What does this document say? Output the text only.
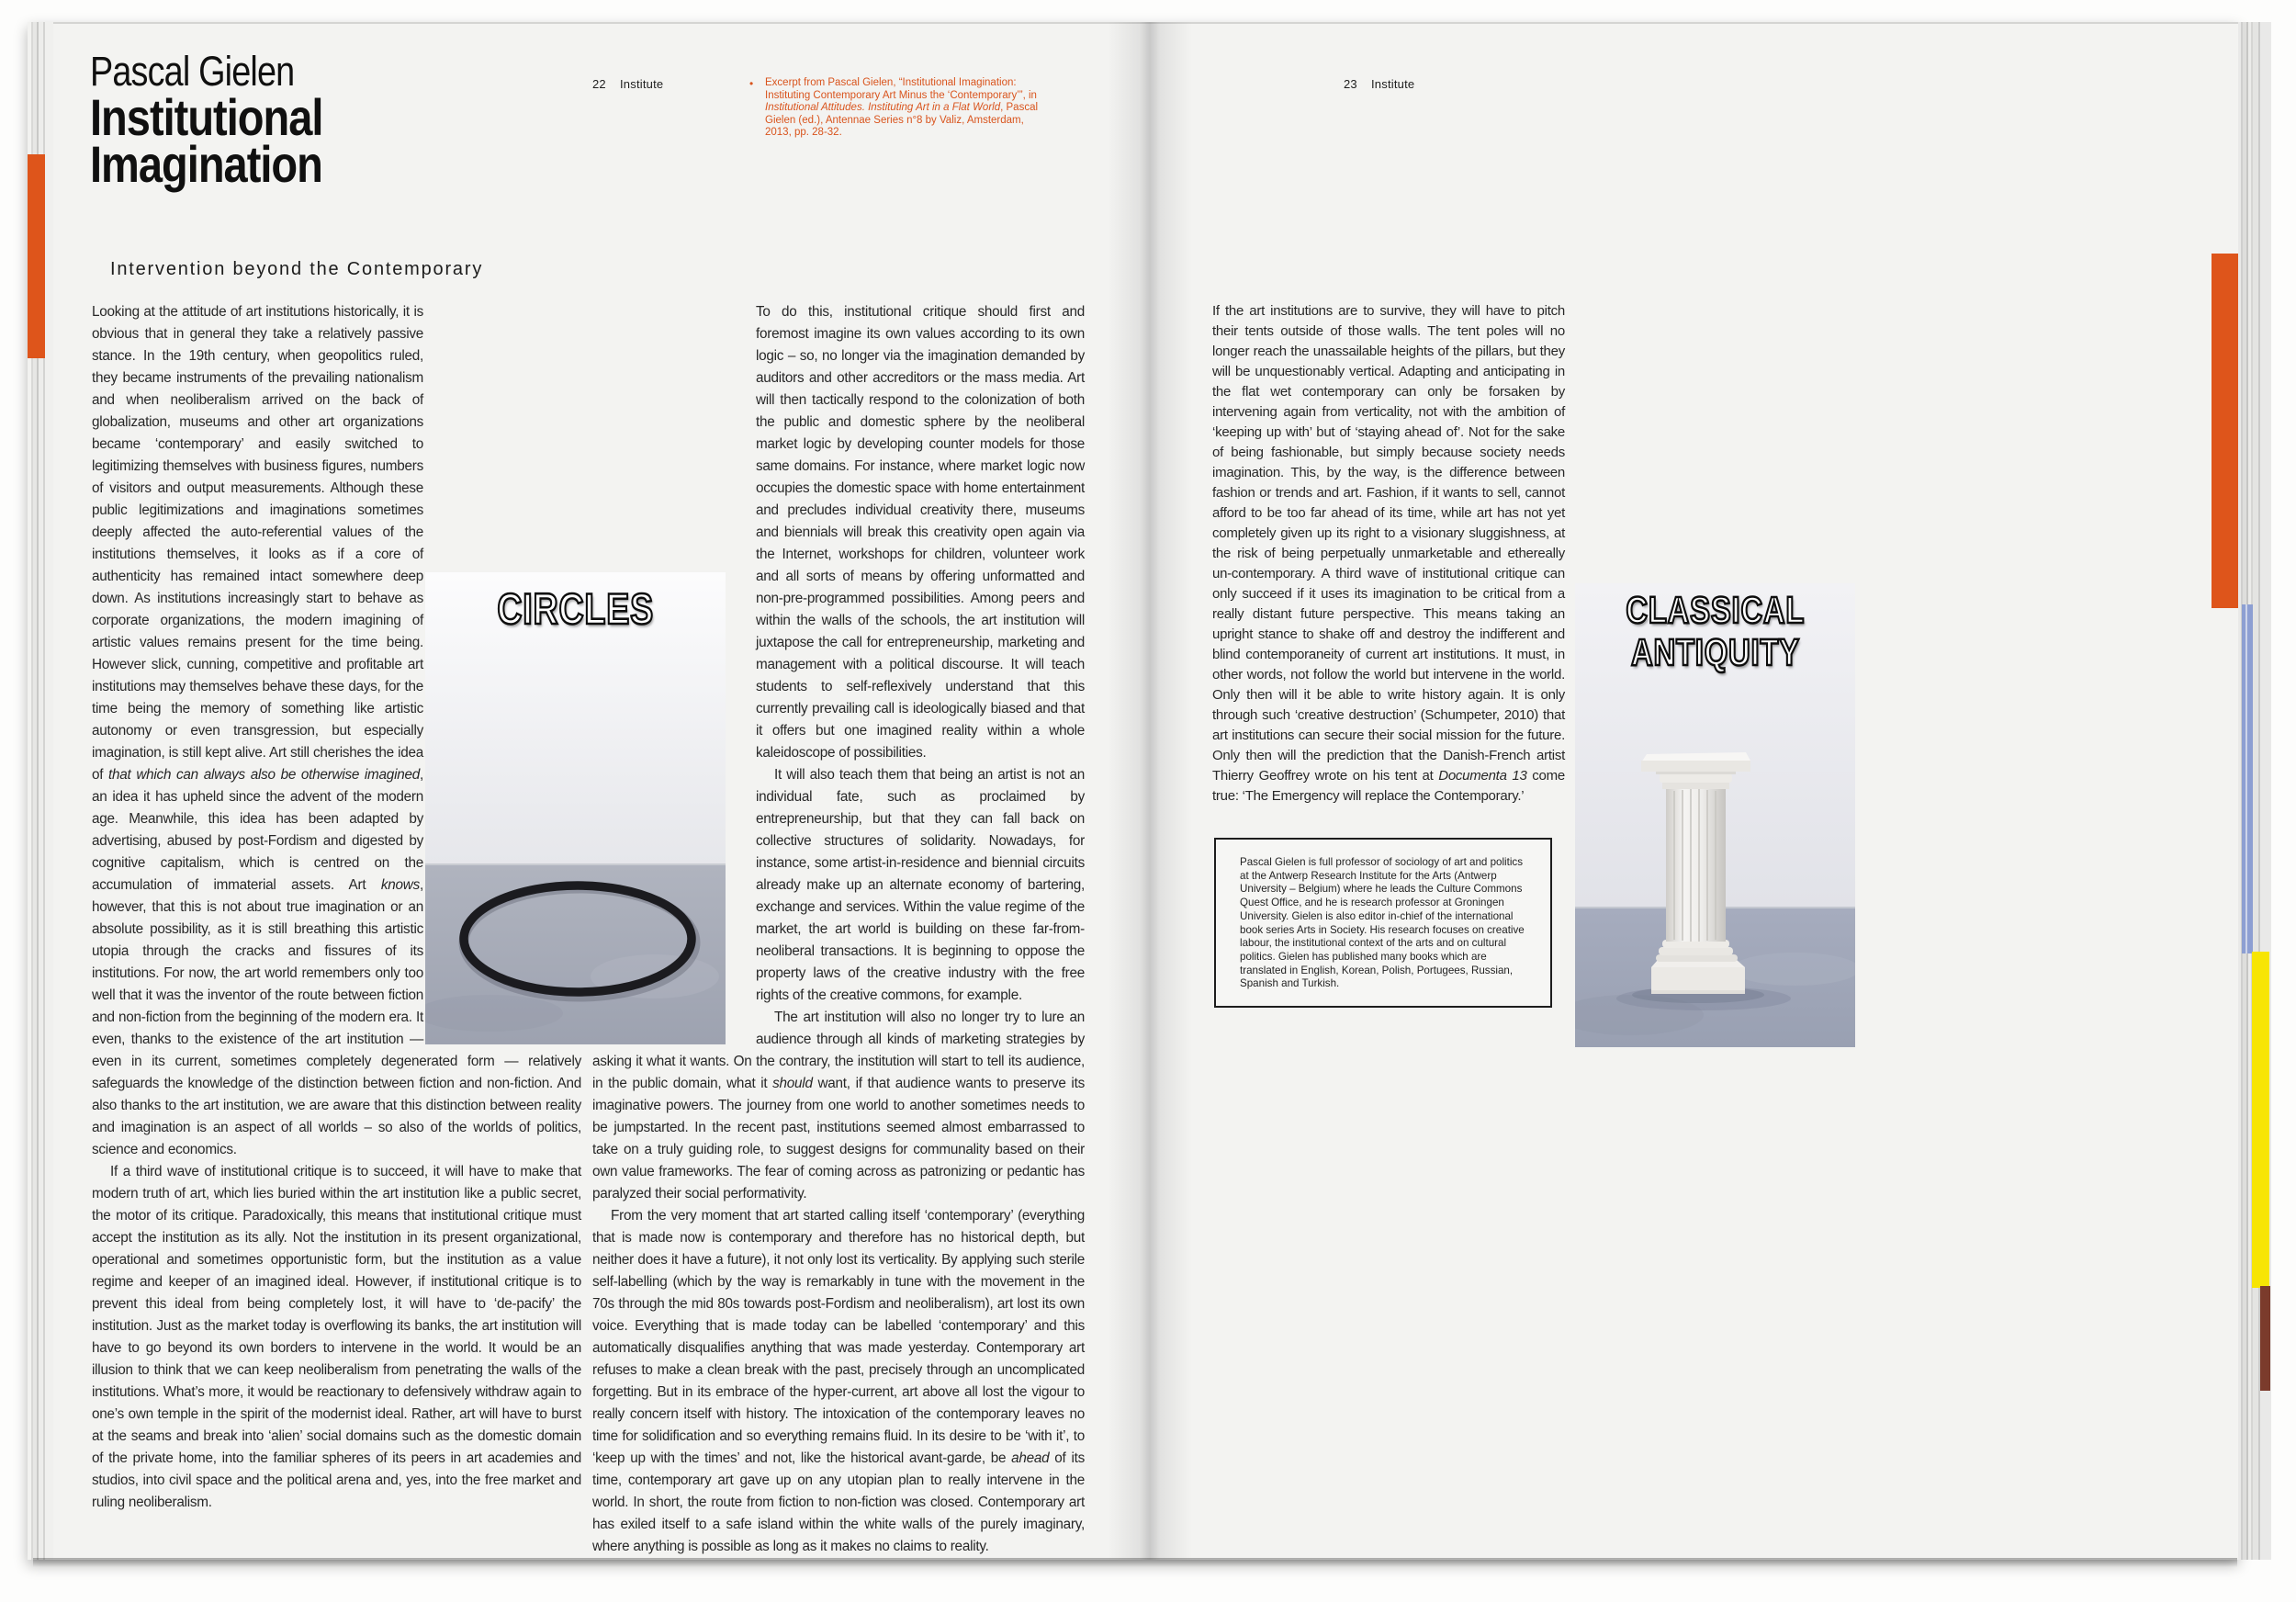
22 Institute	23 Institute
• Excerpt from Pascal Gielen, “Institutional Imagination: Instituting Contemporary Art Minus the ‘Contemporary’”, in Institutional Attitudes. Instituting Art in a Flat World, Pascal Gielen (ed.), Antennae Series n°8 by Valiz, Amsterdam, 2013, pp. 28-32.
Pascal Gielen
Institutional
Imagination
Intervention beyond the Contemporary

Looking at the attitude of art institutions historically, it is obvious that in general they take a relatively passive stance. In the 19th century, when geopolitics ruled, they became instruments of the prevailing nationalism and when neoliberalism arrived on the back of globalization, museums and other art organizations became ‘contemporary’ and easily switched to legitimizing themselves with business figures, numbers of visitors and output measurements. Although these public legitimizations and imaginations sometimes deeply affected the auto-referential values of the institutions themselves, it looks as if a core of authenticity has remained intact somewhere deep down. As institutions increasingly start to behave as corporate organizations, the modern imagining of artistic values remains present for the time being. However slick, cunning, competitive and profitable art institutions may themselves behave these days, for the time being the memory of something like artistic autonomy or even transgression, but especially imagination, is still kept alive. Art still cherishes the idea of that which can always also be otherwise imagined, an idea it has upheld since the advent of the modern age. Meanwhile, this idea has been adapted by advertising, abused by post-Fordism and digested by cognitive capitalism, which is centred on the accumulation of immaterial assets. Art knows, however, that this is not about true imagination or an absolute possibility, as it is still breathing this artistic utopia through the cracks and fissures of its institutions. For now, the art world remembers only too well that it was the inventor of the route between fiction and non-fiction from the beginning of the modern era. It even, thanks to the existence of the art institution — even in its current, sometimes completely degenerated form — relatively safeguards the knowledge of the distinction between fiction and non-fiction. And also thanks to the art institution, we are aware that this distinction between reality and imagination is an aspect of all worlds – so also of the worlds of politics, science and economics.

If a third wave of institutional critique is to succeed, it will have to make that modern truth of art, which lies buried within the art institution like a public secret, the motor of its critique. Paradoxically, this means that institutional critique must accept the institution as its ally. Not the institution in its present organizational, operational and sometimes opportunistic form, but the institution as a value regime and keeper of an imagined ideal. However, if institutional critique is to prevent this ideal from being completely lost, it will have to ‘de-pacify’ the institution. Just as the market today is overflowing its banks, the art institution will have to go beyond its own borders to intervene in the world. It would be an illusion to think that we can keep neoliberalism from penetrating the walls of the institutions. What’s more, it would be reactionary to defensively withdraw again to one’s own temple in the spirit of the modernist ideal. Rather, art will have to burst at the seams and break into ‘alien’ social domains such as the domestic domain of the private home, into the familiar spheres of its peers in art academies and studios, into civil space and the political arena and, yes, into the free market and ruling neoliberalism.

To do this, institutional critique should first and foremost imagine its own values according to its own logic – so, no longer via the imagination demanded by auditors and other accreditors or the mass media. Art will then tactically respond to the colonization of both the public and domestic sphere by the neoliberal market logic by developing counter models for those same domains. For instance, where market logic now occupies the domestic space with home entertainment and precludes individual creativity there, museums and biennials will break this creativity open again via the Internet, workshops for children, volunteer work and all sorts of means by offering unformatted and non-pre-programmed possibilities. Among peers and within the walls of the schools, the art institution will juxtapose the call for entrepreneurship, marketing and management with a political discourse. It will teach students to self-reflexively understand that this currently prevailing call is ideologically biased and that it offers but one imagined reality within a whole kaleidoscope of possibilities.

It will also teach them that being an artist is not an individual fate, such as proclaimed by entrepreneurship, but that they can fall back on collective structures of solidarity. Nowadays, for instance, some artist-in-residence and biennial circuits already make up an alternate economy of bartering, exchange and services. Within the value regime of the market, the art world is building on these far-from-neoliberal transactions. It is beginning to oppose the property laws of the creative industry with the free rights of the creative commons, for example.

The art institution will also no longer try to lure an audience through all kinds of marketing strategies by asking it what it wants. On the contrary, the institution will start to tell its audience, in the public domain, what it should want, if that audience wants to preserve its imaginative powers. The journey from one world to another sometimes needs to be jumpstarted. In the recent past, institutions seemed almost embarrassed to take on a truly guiding role, to suggest designs for communality based on their own value frameworks. The fear of coming across as patronizing or pedantic has paralyzed their social performativity.

From the very moment that art started calling itself ‘contemporary’ (everything that is made now is contemporary and therefore has no historical depth, but neither does it have a future), it not only lost its verticality. By applying such sterile self-labelling (which by the way is remarkably in tune with the movement in the 70s through the mid 80s towards post-Fordism and neoliberalism), art lost its own voice. Everything that is made today can be labelled ‘contemporary’ and this automatically disqualifies anything that was made yesterday. Contemporary art refuses to make a clean break with the past, precisely through an uncomplicated forgetting. But in its embrace of the hyper-current, art above all lost the vigour to really concern itself with history. The intoxication of the contemporary leaves no time for solidification and so everything remains fluid. In its desire to be ‘with it’, to ‘keep up with the times’ and not, like the historical avant-garde, be ahead of its time, contemporary art gave up on any utopian plan to really intervene in the world. In short, the route from fiction to non-fiction was closed. Contemporary art has exiled itself to a safe island within the white walls of the purely imaginary, where anything is possible as long as it makes no claims to reality.

If the art institutions are to survive, they will have to pitch their tents outside of those walls. The tent poles will no longer reach the unassailable heights of the pillars, but they will be unquestionably vertical. Adapting and anticipating in the flat wet contemporary can only be forsaken by intervening again from verticality, not with the ambition of ‘keeping up with’ but of ‘staying ahead of’. Not for the sake of being fashionable, but simply because society needs imagination. This, by the way, is the difference between fashion or trends and art. Fashion, if it wants to sell, cannot afford to be too far ahead of its time, while art has not yet completely given up its right to a visionary sluggishness, at the risk of being perpetually unmarketable and ethereally un-contemporary. A third wave of institutional critique can only succeed if it uses its imagination to be critical from a really distant future perspective. This means taking an upright stance to shake off and destroy the indifferent and blind contemporaneity of current art institutions. It must, in other words, not follow the world but intervene in the world. Only then will it be able to write history again. It is only through such ‘creative destruction’ (Schumpeter, 2010) that art institutions can secure their social mission for the future. Only then will the prediction that the Danish-French artist Thierry Geoffrey wrote on his tent at Documenta 13 come true: ‘The Emergency will replace the Contemporary.’

CIRCLES	CLASSICAL
ANTIQUITY
Pascal Gielen is full professor of sociology of art and politics at the Antwerp Research Institute for the Arts (Antwerp University – Belgium) where he leads the Culture Commons Quest Office, and he is research professor at Groningen University. Gielen is also editor in-chief of the international book series Arts in Society. His research focuses on creative labour, the institutional context of the arts and on cultural politics. Gielen has published many books which are translated in English, Korean, Polish, Portugees, Russian, Spanish and Turkish.
